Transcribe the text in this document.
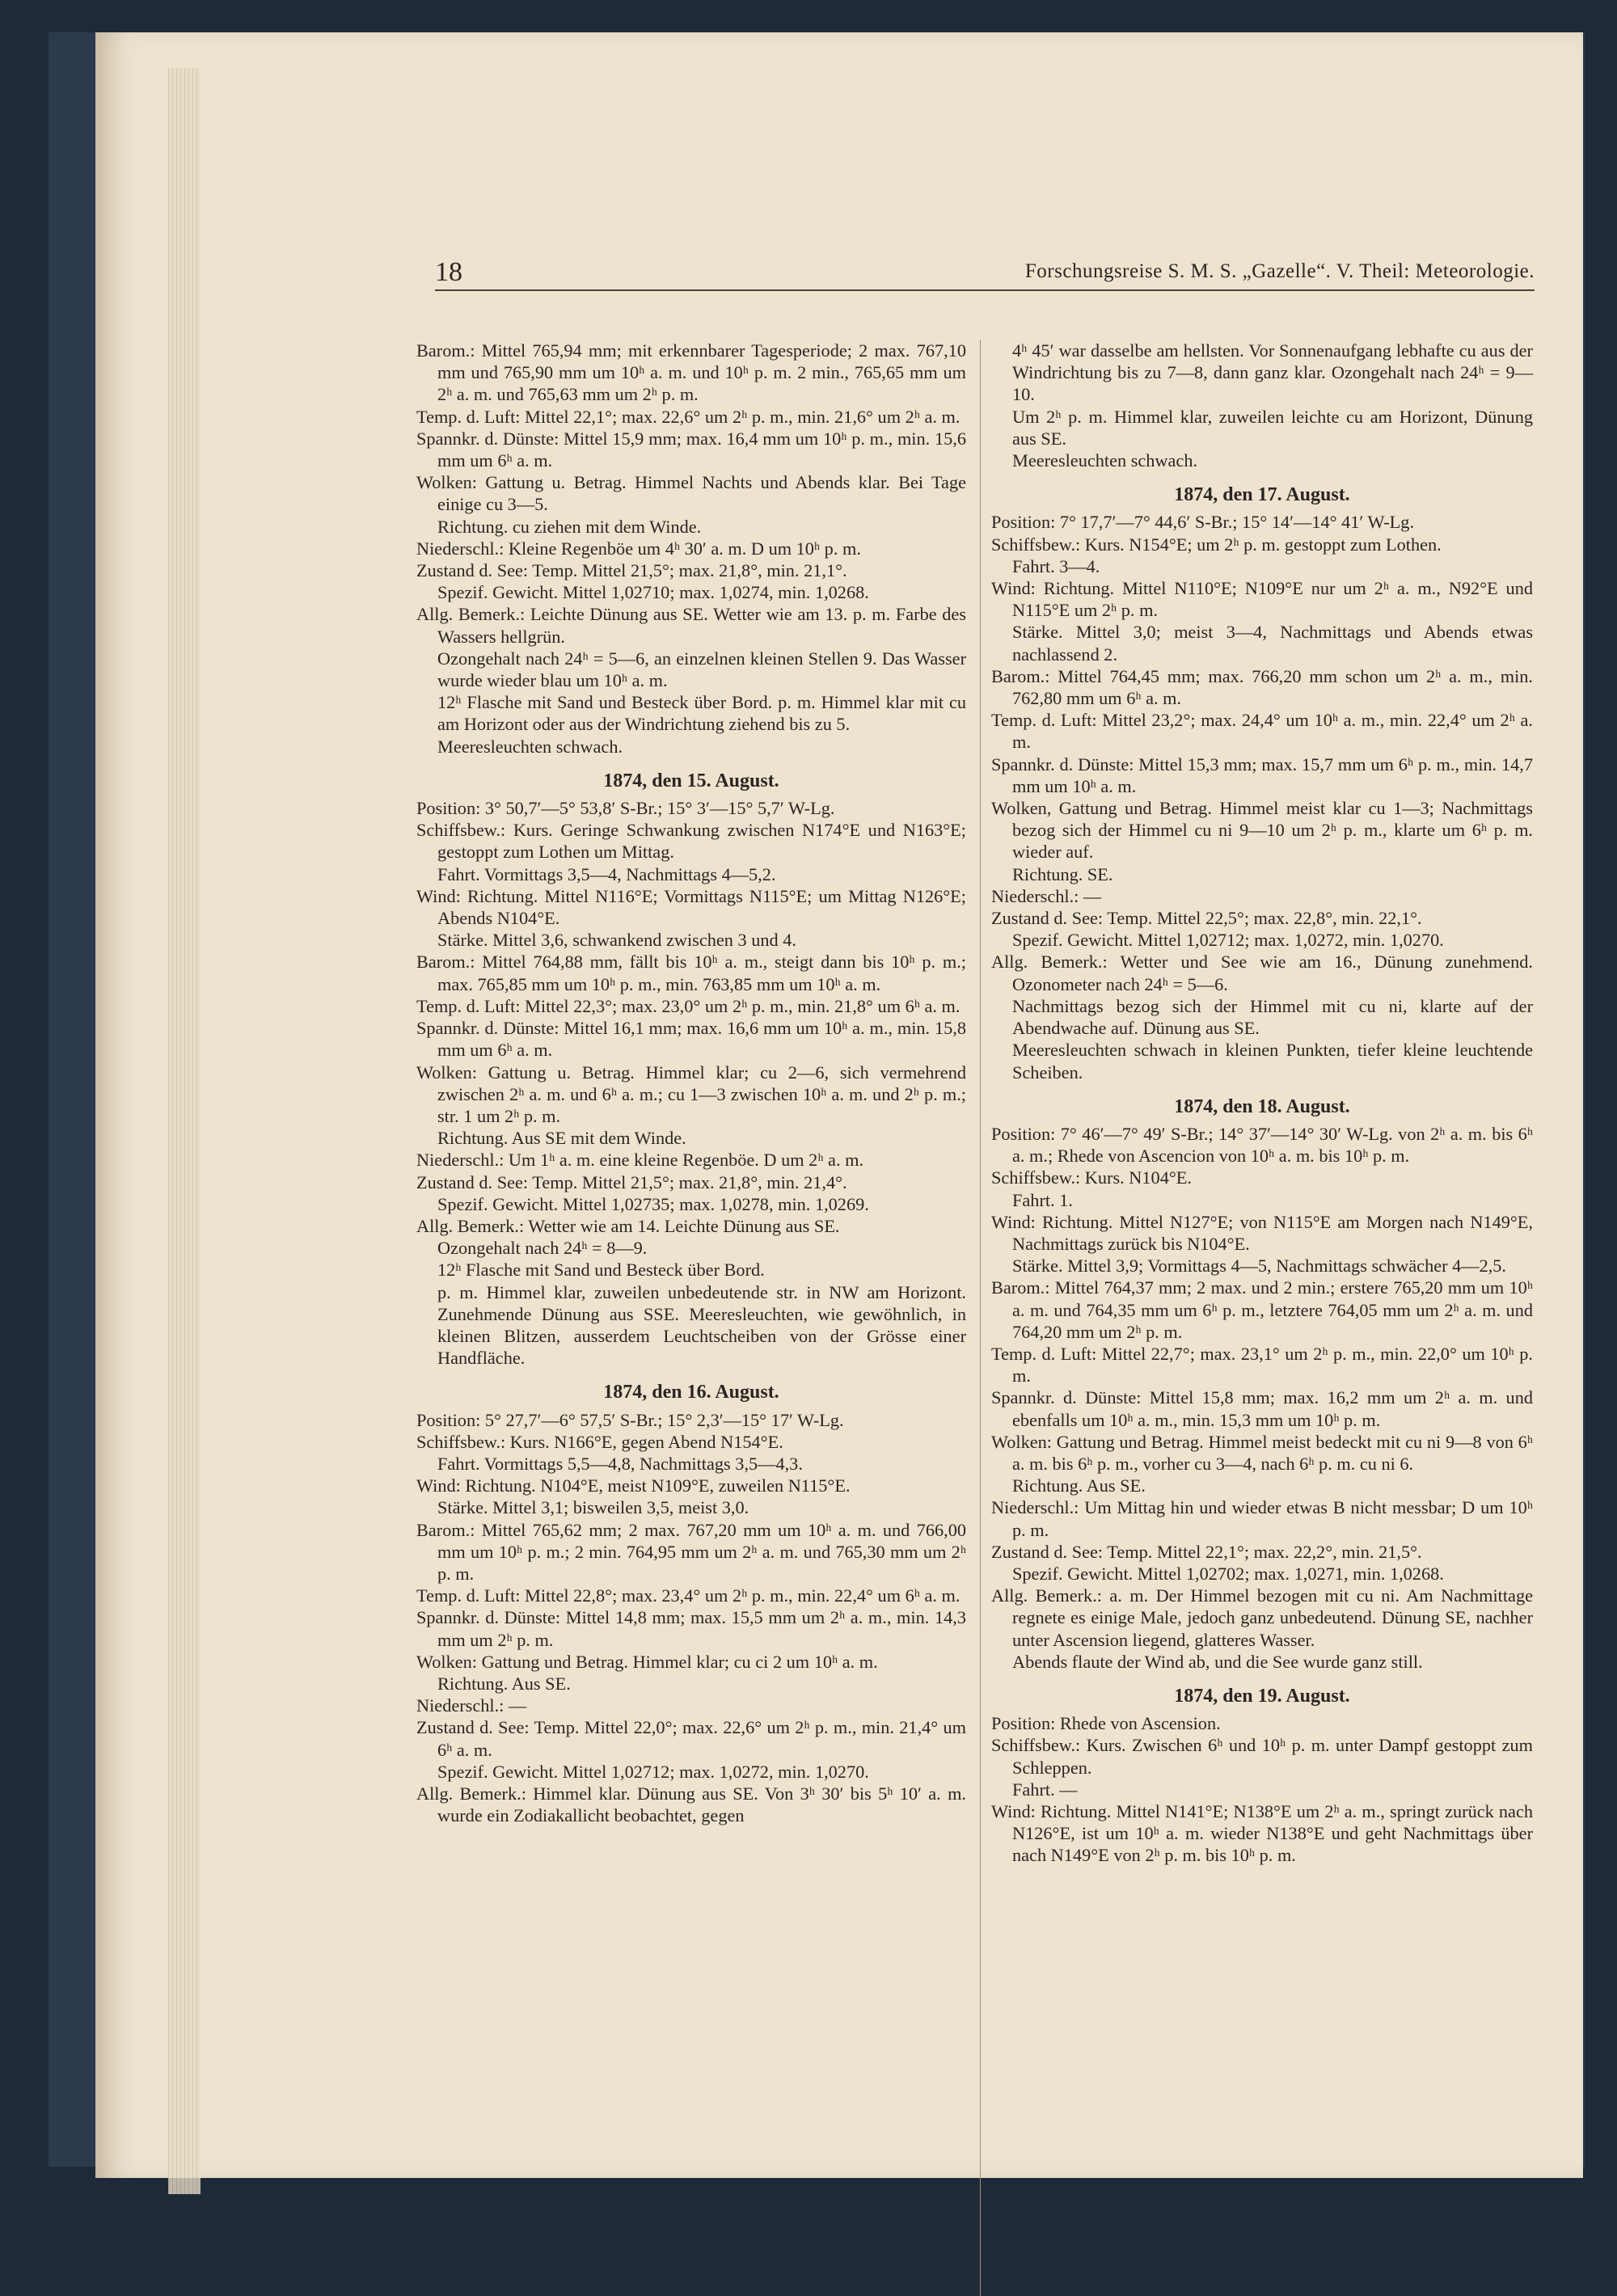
18	Forschungsreise S. M. S. „Gazelle“. V. Theil: Meteorologie.

Barom.: Mittel 765,94 mm; mit erkennbarer Tagesperiode; 2 max. 767,10 mm und 765,90 mm um 10ʰ a. m. und 10ʰ p. m. 2 min., 765,65 mm um 2ʰ a. m. und 765,63 mm um 2ʰ p. m.

Temp. d. Luft: Mittel 22,1°; max. 22,6° um 2ʰ p. m., min. 21,6° um 2ʰ a. m.

Spannkr. d. Dünste: Mittel 15,9 mm; max. 16,4 mm um 10ʰ p. m., min. 15,6 mm um 6ʰ a. m.

Wolken: Gattung u. Betrag. Himmel Nachts und Abends klar. Bei Tage einige cu 3—5.

Richtung. cu ziehen mit dem Winde.

Niederschl.: Kleine Regenböe um 4ʰ 30′ a. m. D um 10ʰ p. m.

Zustand d. See: Temp. Mittel 21,5°; max. 21,8°, min. 21,1°.

Spezif. Gewicht. Mittel 1,02710; max. 1,0274, min. 1,0268.

Allg. Bemerk.: Leichte Dünung aus SE. Wetter wie am 13. p. m. Farbe des Wassers hellgrün.

Ozongehalt nach 24ʰ = 5—6, an einzelnen kleinen Stellen 9. Das Wasser wurde wieder blau um 10ʰ a. m.

12ʰ Flasche mit Sand und Besteck über Bord. p. m. Himmel klar mit cu am Horizont oder aus der Windrichtung ziehend bis zu 5.

Meeresleuchten schwach.

1874, den 15. August.

Position: 3° 50,7′—5° 53,8′ S-Br.; 15° 3′—15° 5,7′ W-Lg.

Schiffsbew.: Kurs. Geringe Schwankung zwischen N174°E und N163°E; gestoppt zum Lothen um Mittag.

Fahrt. Vormittags 3,5—4, Nachmittags 4—5,2.

Wind: Richtung. Mittel N116°E; Vormittags N115°E; um Mittag N126°E; Abends N104°E.

Stärke. Mittel 3,6, schwankend zwischen 3 und 4.

Barom.: Mittel 764,88 mm, fällt bis 10ʰ a. m., steigt dann bis 10ʰ p. m.; max. 765,85 mm um 10ʰ p. m., min. 763,85 mm um 10ʰ a. m.

Temp. d. Luft: Mittel 22,3°; max. 23,0° um 2ʰ p. m., min. 21,8° um 6ʰ a. m.

Spannkr. d. Dünste: Mittel 16,1 mm; max. 16,6 mm um 10ʰ a. m., min. 15,8 mm um 6ʰ a. m.

Wolken: Gattung u. Betrag. Himmel klar; cu 2—6, sich vermehrend zwischen 2ʰ a. m. und 6ʰ a. m.; cu 1—3 zwischen 10ʰ a. m. und 2ʰ p. m.; str. 1 um 2ʰ p. m.

Richtung. Aus SE mit dem Winde.

Niederschl.: Um 1ʰ a. m. eine kleine Regenböe. D um 2ʰ a. m.

Zustand d. See: Temp. Mittel 21,5°; max. 21,8°, min. 21,4°.

Spezif. Gewicht. Mittel 1,02735; max. 1,0278, min. 1,0269.

Allg. Bemerk.: Wetter wie am 14. Leichte Dünung aus SE.

Ozongehalt nach 24ʰ = 8—9.

12ʰ Flasche mit Sand und Besteck über Bord.

p. m. Himmel klar, zuweilen unbedeutende str. in NW am Horizont. Zunehmende Dünung aus SSE. Meeresleuchten, wie gewöhnlich, in kleinen Blitzen, ausserdem Leuchtscheiben von der Grösse einer Handfläche.

1874, den 16. August.

Position: 5° 27,7′—6° 57,5′ S-Br.; 15° 2,3′—15° 17′ W-Lg.

Schiffsbew.: Kurs. N166°E, gegen Abend N154°E.

Fahrt. Vormittags 5,5—4,8, Nachmittags 3,5—4,3.

Wind: Richtung. N104°E, meist N109°E, zuweilen N115°E.

Stärke. Mittel 3,1; bisweilen 3,5, meist 3,0.

Barom.: Mittel 765,62 mm; 2 max. 767,20 mm um 10ʰ a. m. und 766,00 mm um 10ʰ p. m.; 2 min. 764,95 mm um 2ʰ a. m. und 765,30 mm um 2ʰ p. m.

Temp. d. Luft: Mittel 22,8°; max. 23,4° um 2ʰ p. m., min. 22,4° um 6ʰ a. m.

Spannkr. d. Dünste: Mittel 14,8 mm; max. 15,5 mm um 2ʰ a. m., min. 14,3 mm um 2ʰ p. m.

Wolken: Gattung und Betrag. Himmel klar; cu ci 2 um 10ʰ a. m.

Richtung. Aus SE.

Niederschl.: —

Zustand d. See: Temp. Mittel 22,0°; max. 22,6° um 2ʰ p. m., min. 21,4° um 6ʰ a. m.

Spezif. Gewicht. Mittel 1,02712; max. 1,0272, min. 1,0270.

Allg. Bemerk.: Himmel klar. Dünung aus SE. Von 3ʰ 30′ bis 5ʰ 10′ a. m. wurde ein Zodiakallicht beobachtet, gegen

4ʰ 45′ war dasselbe am hellsten. Vor Sonnenaufgang lebhafte cu aus der Windrichtung bis zu 7—8, dann ganz klar. Ozongehalt nach 24ʰ = 9—10.

Um 2ʰ p. m. Himmel klar, zuweilen leichte cu am Horizont, Dünung aus SE.

Meeresleuchten schwach.

1874, den 17. August.

Position: 7° 17,7′—7° 44,6′ S-Br.; 15° 14′—14° 41′ W-Lg.

Schiffsbew.: Kurs. N154°E; um 2ʰ p. m. gestoppt zum Lothen.

Fahrt. 3—4.

Wind: Richtung. Mittel N110°E; N109°E nur um 2ʰ a. m., N92°E und N115°E um 2ʰ p. m.

Stärke. Mittel 3,0; meist 3—4, Nachmittags und Abends etwas nachlassend 2.

Barom.: Mittel 764,45 mm; max. 766,20 mm schon um 2ʰ a. m., min. 762,80 mm um 6ʰ a. m.

Temp. d. Luft: Mittel 23,2°; max. 24,4° um 10ʰ a. m., min. 22,4° um 2ʰ a. m.

Spannkr. d. Dünste: Mittel 15,3 mm; max. 15,7 mm um 6ʰ p. m., min. 14,7 mm um 10ʰ a. m.

Wolken, Gattung und Betrag. Himmel meist klar cu 1—3; Nachmittags bezog sich der Himmel cu ni 9—10 um 2ʰ p. m., klarte um 6ʰ p. m. wieder auf.

Richtung. SE.

Niederschl.: —

Zustand d. See: Temp. Mittel 22,5°; max. 22,8°, min. 22,1°.

Spezif. Gewicht. Mittel 1,02712; max. 1,0272, min. 1,0270.

Allg. Bemerk.: Wetter und See wie am 16., Dünung zunehmend. Ozonometer nach 24ʰ = 5—6.

Nachmittags bezog sich der Himmel mit cu ni, klarte auf der Abendwache auf. Dünung aus SE.

Meeresleuchten schwach in kleinen Punkten, tiefer kleine leuchtende Scheiben.

1874, den 18. August.

Position: 7° 46′—7° 49′ S-Br.; 14° 37′—14° 30′ W-Lg. von 2ʰ a. m. bis 6ʰ a. m.; Rhede von Ascencion von 10ʰ a. m. bis 10ʰ p. m.

Schiffsbew.: Kurs. N104°E.

Fahrt. 1.

Wind: Richtung. Mittel N127°E; von N115°E am Morgen nach N149°E, Nachmittags zurück bis N104°E.

Stärke. Mittel 3,9; Vormittags 4—5, Nachmittags schwächer 4—2,5.

Barom.: Mittel 764,37 mm; 2 max. und 2 min.; erstere 765,20 mm um 10ʰ a. m. und 764,35 mm um 6ʰ p. m., letztere 764,05 mm um 2ʰ a. m. und 764,20 mm um 2ʰ p. m.

Temp. d. Luft: Mittel 22,7°; max. 23,1° um 2ʰ p. m., min. 22,0° um 10ʰ p. m.

Spannkr. d. Dünste: Mittel 15,8 mm; max. 16,2 mm um 2ʰ a. m. und ebenfalls um 10ʰ a. m., min. 15,3 mm um 10ʰ p. m.

Wolken: Gattung und Betrag. Himmel meist bedeckt mit cu ni 9—8 von 6ʰ a. m. bis 6ʰ p. m., vorher cu 3—4, nach 6ʰ p. m. cu ni 6.

Richtung. Aus SE.

Niederschl.: Um Mittag hin und wieder etwas B nicht messbar; D um 10ʰ p. m.

Zustand d. See: Temp. Mittel 22,1°; max. 22,2°, min. 21,5°.

Spezif. Gewicht. Mittel 1,02702; max. 1,0271, min. 1,0268.

Allg. Bemerk.: a. m. Der Himmel bezogen mit cu ni. Am Nachmittage regnete es einige Male, jedoch ganz unbedeutend. Dünung SE, nachher unter Ascension liegend, glatteres Wasser.

Abends flaute der Wind ab, und die See wurde ganz still.

1874, den 19. August.

Position: Rhede von Ascension.

Schiffsbew.: Kurs. Zwischen 6ʰ und 10ʰ p. m. unter Dampf gestoppt zum Schleppen.

Fahrt. —

Wind: Richtung. Mittel N141°E; N138°E um 2ʰ a. m., springt zurück nach N126°E, ist um 10ʰ a. m. wieder N138°E und geht Nachmittags über nach N149°E von 2ʰ p. m. bis 10ʰ p. m.
